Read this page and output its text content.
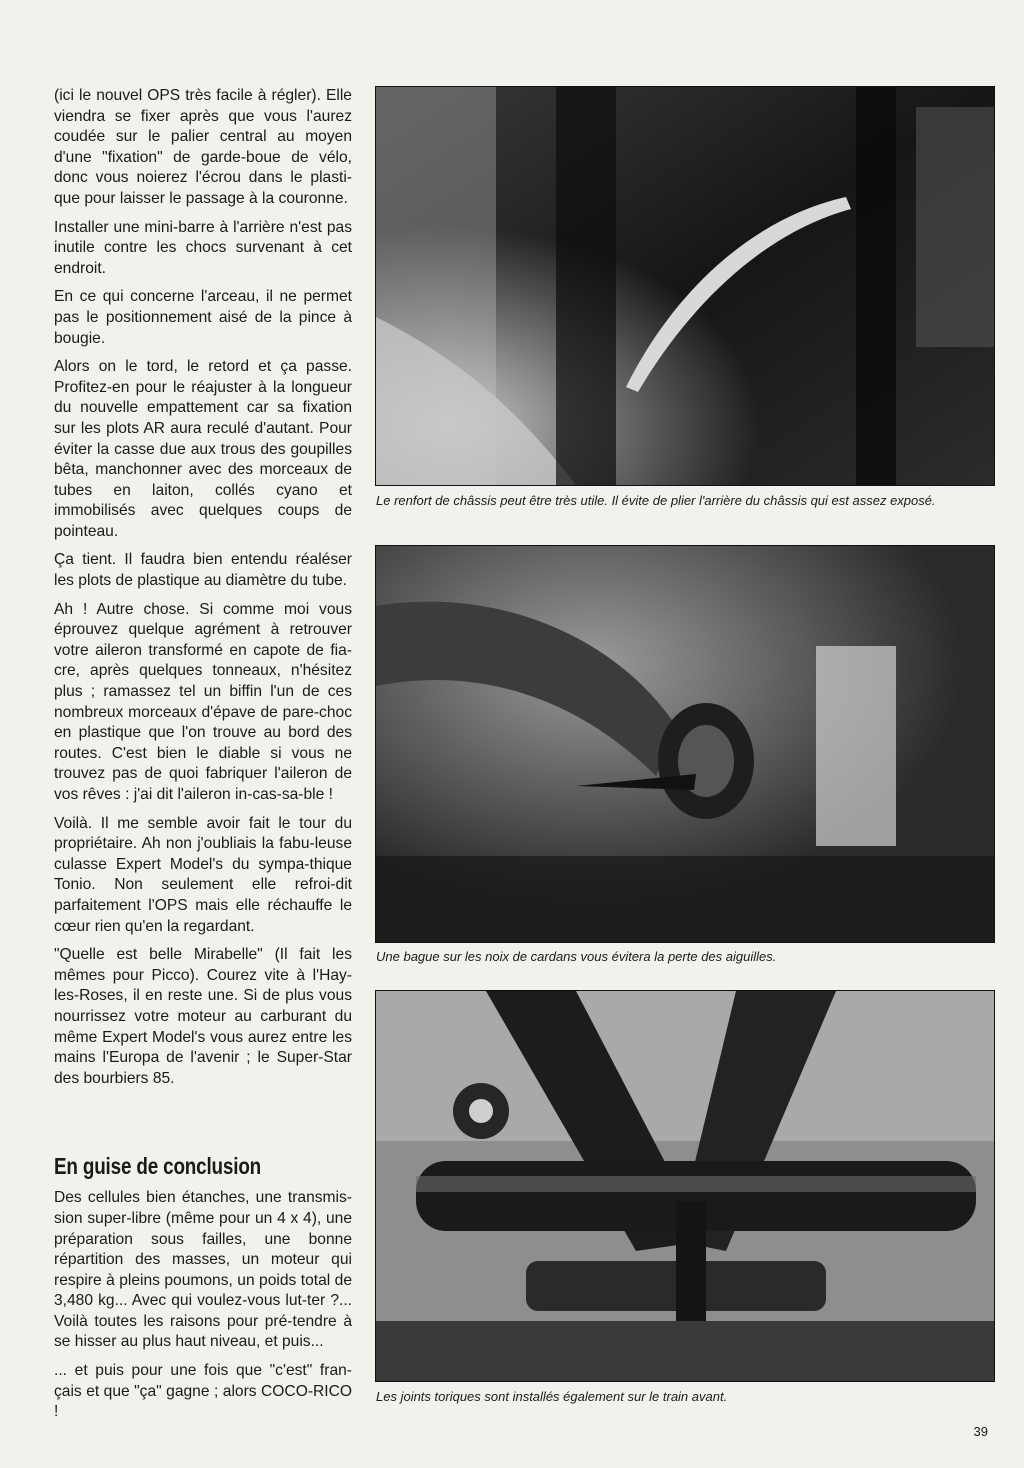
(ici le nouvel OPS très facile à régler). Elle viendra se fixer après que vous l'aurez coudée sur le palier central au moyen d'une "fixation" de garde-boue de vélo, donc vous noierez l'écrou dans le plasti-que pour laisser le passage à la couronne.

Installer une mini-barre à l'arrière n'est pas inutile contre les chocs survenant à cet endroit.

En ce qui concerne l'arceau, il ne permet pas le positionnement aisé de la pince à bougie.

Alors on le tord, le retord et ça passe. Profitez-en pour le réajuster à la longueur du nouvelle empattement car sa fixation sur les plots AR aura reculé d'autant. Pour éviter la casse due aux trous des goupilles bêta, manchonner avec des morceaux de tubes en laiton, collés cyano et immobilisés avec quelques coups de pointeau.

Ça tient. Il faudra bien entendu réaléser les plots de plastique au diamètre du tube.

Ah ! Autre chose. Si comme moi vous éprouvez quelque agrément à retrouver votre aileron transformé en capote de fia-cre, après quelques tonneaux, n'hésitez plus ; ramassez tel un biffin l'un de ces nombreux morceaux d'épave de pare-choc en plastique que l'on trouve au bord des routes. C'est bien le diable si vous ne trouvez pas de quoi fabriquer l'aileron de vos rêves : j'ai dit l'aileron in-cas-sa-ble !

Voilà. Il me semble avoir fait le tour du propriétaire. Ah non j'oubliais la fabu-leuse culasse Expert Model's du sympa-thique Tonio. Non seulement elle refroi-dit parfaitement l'OPS mais elle réchauffe le cœur rien qu'en la regardant.

"Quelle est belle Mirabelle" (Il fait les mêmes pour Picco). Courez vite à l'Hay-les-Roses, il en reste une. Si de plus vous nourrissez votre moteur au carburant du même Expert Model's vous aurez entre les mains l'Europa de l'avenir ; le Super-Star des bourbiers 85.

En guise de conclusion

Des cellules bien étanches, une transmis-sion super-libre (même pour un 4 x 4), une préparation sous failles, une bonne répartition des masses, un moteur qui respire à pleins poumons, un poids total de 3,480 kg... Avec qui voulez-vous lut-ter ?... Voilà toutes les raisons pour pré-tendre à se hisser au plus haut niveau, et puis...

... et puis pour une fois que "c'est" fran-çais et que "ça" gagne ; alors COCO-RICO !

Le renfort de châssis peut être très utile. Il évite de plier l'arrière du châssis qui est assez exposé.
Une bague sur les noix de cardans vous évitera la perte des aiguilles.
Les joints toriques sont installés également sur le train avant.
39
